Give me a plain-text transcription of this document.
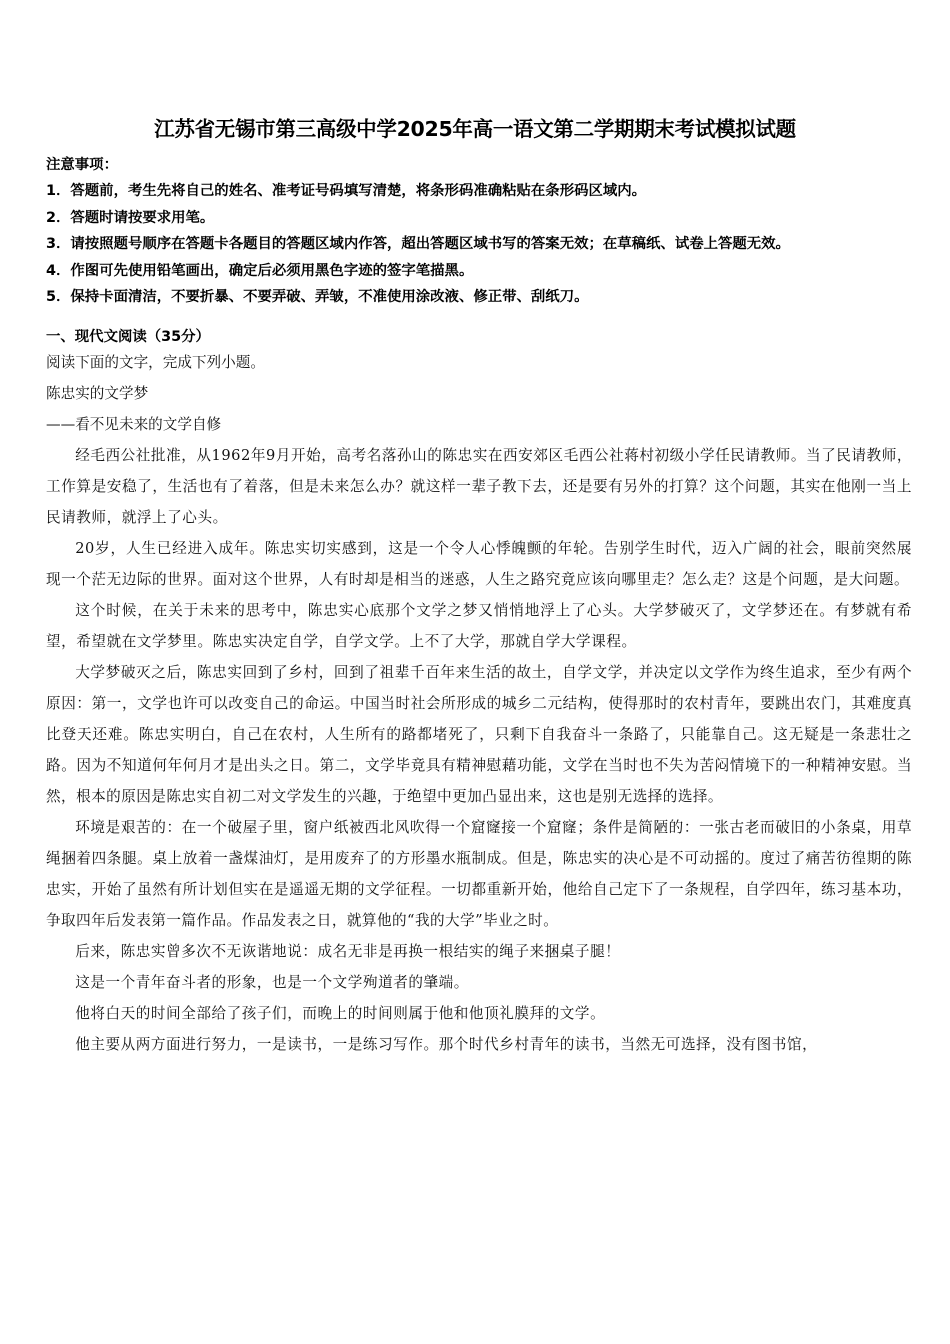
江苏省无锡市第三高级中学2025年高一语文第二学期期末考试模拟试题
注意事项：
1．答题前，考生先将自己的姓名、准考证号码填写清楚，将条形码准确粘贴在条形码区域内。
2．答题时请按要求用笔。
3．请按照题号顺序在答题卡各题目的答题区域内作答，超出答题区域书写的答案无效；在草稿纸、试卷上答题无效。
4．作图可先使用铅笔画出，确定后必须用黑色字迹的签字笔描黑。
5．保持卡面清洁，不要折暴、不要弄破、弄皱，不准使用涂改液、修正带、刮纸刀。
一、现代文阅读（35分）
阅读下面的文字，完成下列小题。
陈忠实的文学梦
——看不见未来的文学自修

经毛西公社批准，从1962年9月开始，高考名落孙山的陈忠实在西安郊区毛西公社蒋村初级小学任民请教师。当了民请教师，工作算是安稳了，生活也有了着落，但是未来怎么办？就这样一辈子教下去，还是要有另外的打算？这个问题，其实在他刚一当上民请教师，就浮上了心头。

20岁，人生已经进入成年。陈忠实切实感到，这是一个令人心悸魄颤的年轮。告别学生时代，迈入广阔的社会，眼前突然展现一个茫无边际的世界。面对这个世界，人有时却是相当的迷惑，人生之路究竟应该向哪里走？怎么走？这是个问题，是大问题。

这个时候，在关于未来的思考中，陈忠实心底那个文学之梦又悄悄地浮上了心头。大学梦破灭了，文学梦还在。有梦就有希望，希望就在文学梦里。陈忠实决定自学，自学文学。上不了大学，那就自学大学课程。

大学梦破灭之后，陈忠实回到了乡村，回到了祖辈千百年来生活的故土，自学文学，并决定以文学作为终生追求，至少有两个原因：第一，文学也许可以改变自己的命运。中国当时社会所形成的城乡二元结构，使得那时的农村青年，要跳出农门，其难度真比登天还难。陈忠实明白，自己在农村，人生所有的路都堵死了，只剩下自我奋斗一条路了，只能靠自己。这无疑是一条悲壮之路。因为不知道何年何月才是出头之日。第二，文学毕竟具有精神慰藉功能，文学在当时也不失为苦闷情境下的一种精神安慰。当然，根本的原因是陈忠实自初二对文学发生的兴趣，于绝望中更加凸显出来，这也是别无选择的选择。

环境是艰苦的：在一个破屋子里，窗户纸被西北风吹得一个窟窿接一个窟窿；条件是简陋的：一张古老而破旧的小条桌，用草绳捆着四条腿。桌上放着一盏煤油灯，是用废弃了的方形墨水瓶制成。但是，陈忠实的决心是不可动摇的。度过了痛苦彷徨期的陈忠实，开始了虽然有所计划但实在是遥遥无期的文学征程。一切都重新开始，他给自己定下了一条规程，自学四年，练习基本功，争取四年后发表第一篇作品。作品发表之日，就算他的“我的大学”毕业之时。

后来，陈忠实曾多次不无诙谐地说：成名无非是再换一根结实的绳子来捆桌子腿！

这是一个青年奋斗者的形象，也是一个文学殉道者的肇端。

他将白天的时间全部给了孩子们，而晚上的时间则属于他和他顶礼膜拜的文学。

他主要从两方面进行努力，一是读书，一是练习写作。那个时代乡村青年的读书，当然无可选择，没有图书馆，
